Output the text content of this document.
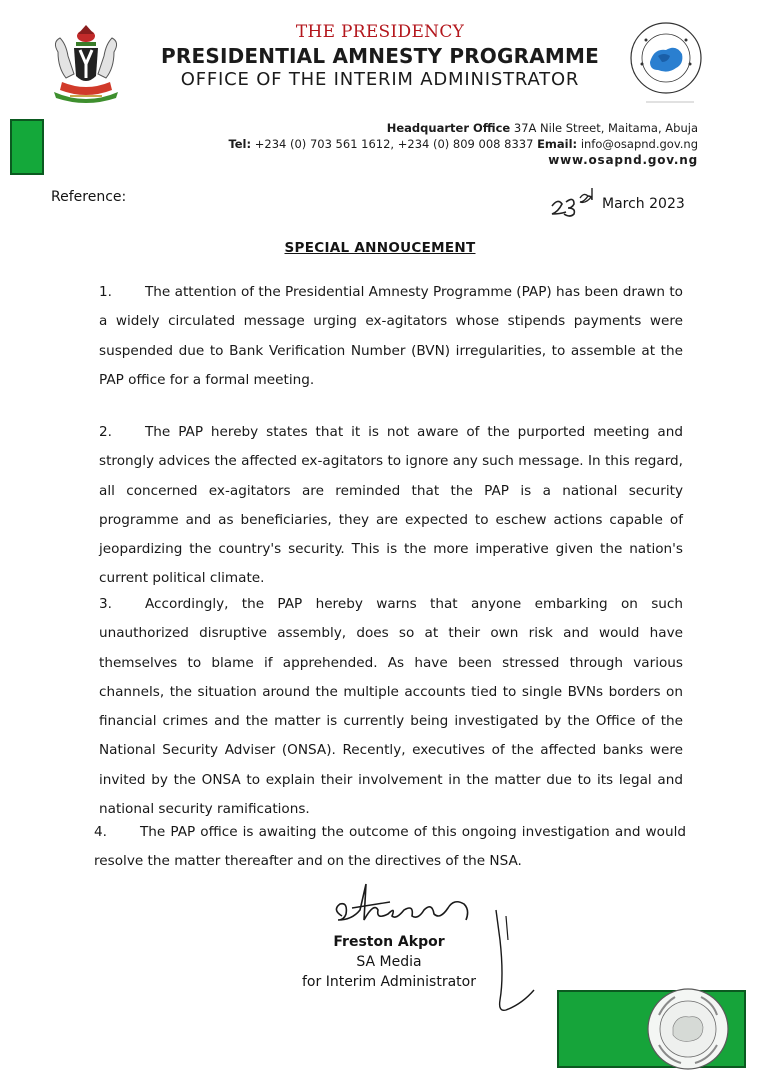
THE PRESIDENCY
PRESIDENTIAL AMNESTY PROGRAMME
OFFICE OF THE INTERIM ADMINISTRATOR
Headquarter Office 37A Nile Street, Maitama, Abuja
Tel: +234 (0) 703 561 1612, +234 (0) 809 008 8337 Email: info@osapnd.gov.ng
www.osapnd.gov.ng
Reference:	23rd March 2023
SPECIAL ANNOUCEMENT
1. The attention of the Presidential Amnesty Programme (PAP) has been drawn to a widely circulated message urging ex-agitators whose stipends payments were suspended due to Bank Verification Number (BVN) irregularities, to assemble at the PAP office for a formal meeting.
2. The PAP hereby states that it is not aware of the purported meeting and strongly advices the affected ex-agitators to ignore any such message. In this regard, all concerned ex-agitators are reminded that the PAP is a national security programme and as beneficiaries, they are expected to eschew actions capable of jeopardizing the country's security. This is the more imperative given the nation's current political climate.
3. Accordingly, the PAP hereby warns that anyone embarking on such unauthorized disruptive assembly, does so at their own risk and would have themselves to blame if apprehended. As have been stressed through various channels, the situation around the multiple accounts tied to single BVNs borders on financial crimes and the matter is currently being investigated by the Office of the National Security Adviser (ONSA). Recently, executives of the affected banks were invited by the ONSA to explain their involvement in the matter due to its legal and national security ramifications.
4. The PAP office is awaiting the outcome of this ongoing investigation and would resolve the matter thereafter and on the directives of the NSA.
Freston Akpor
SA Media
for Interim Administrator
